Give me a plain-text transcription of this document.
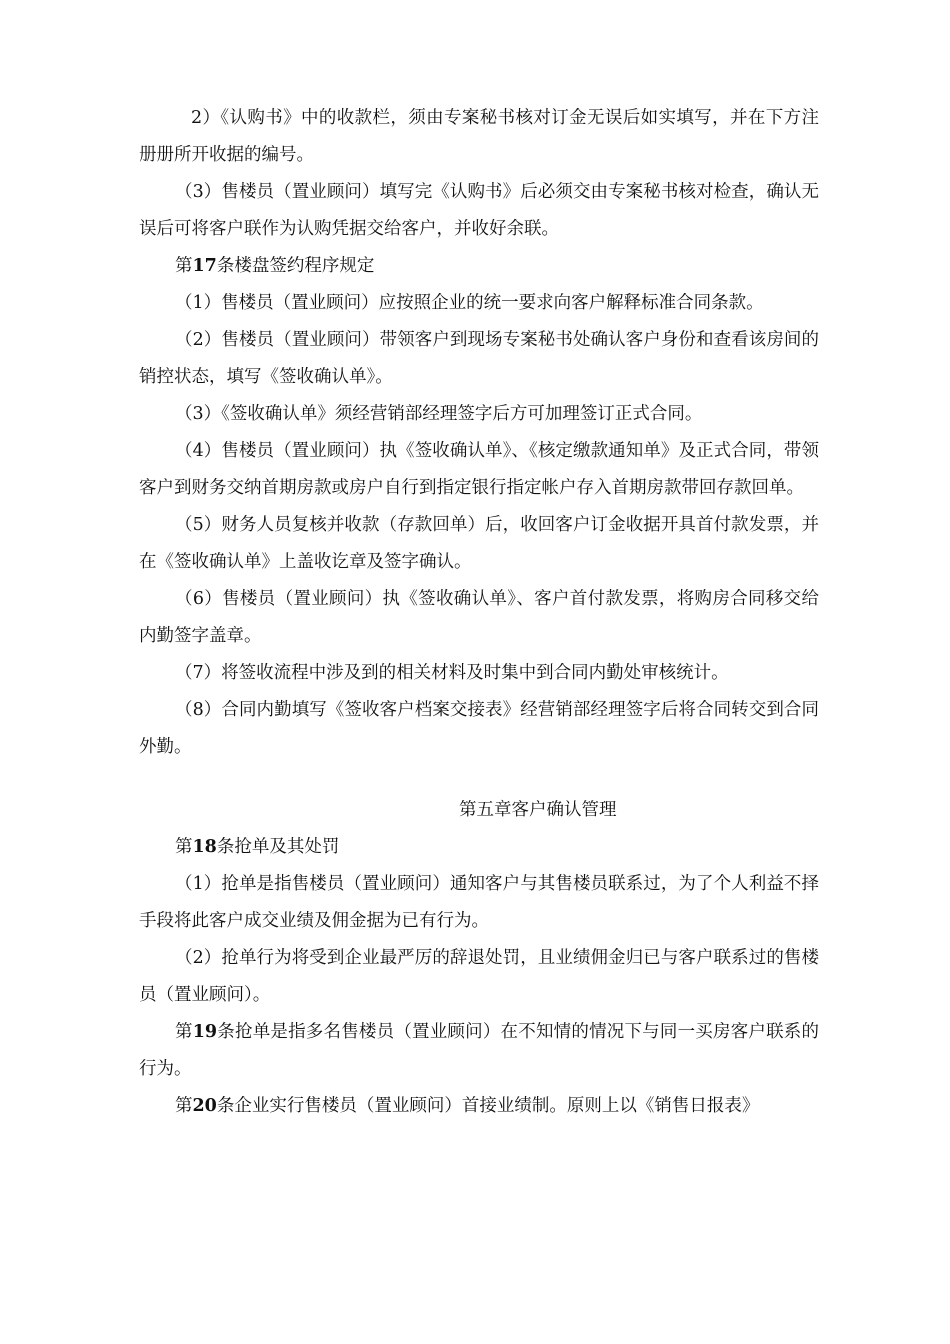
2）《认购书》中的收款栏，须由专案秘书核对订金无误后如实填写，并在下方注册册所开收据的编号。

（3）售楼员（置业顾问）填写完《认购书》后必须交由专案秘书核对检查，确认无误后可将客户联作为认购凭据交给客户，并收好余联。

第17条楼盘签约程序规定

（1）售楼员（置业顾问）应按照企业的统一要求向客户解释标准合同条款。

（2）售楼员（置业顾问）带领客户到现场专案秘书处确认客户身份和查看该房间的销控状态，填写《签收确认单》。

（3）《签收确认单》须经营销部经理签字后方可加理签订正式合同。

（4）售楼员（置业顾问）执《签收确认单》、《核定缴款通知单》及正式合同，带领客户到财务交纳首期房款或房户自行到指定银行指定帐户存入首期房款带回存款回单。

（5）财务人员复核并收款（存款回单）后，收回客户订金收据开具首付款发票，并在《签收确认单》上盖收讫章及签字确认。

（6）售楼员（置业顾问）执《签收确认单》、客户首付款发票，将购房合同移交给内勤签字盖章。

（7）将签收流程中涉及到的相关材料及时集中到合同内勤处审核统计。

（8）合同内勤填写《签收客户档案交接表》经营销部经理签字后将合同转交到合同外勤。

第五章客户确认管理

第18条抢单及其处罚

（1）抢单是指售楼员（置业顾问）通知客户与其售楼员联系过，为了个人利益不择手段将此客户成交业绩及佣金据为已有行为。

（2）抢单行为将受到企业最严厉的辞退处罚，且业绩佣金归已与客户联系过的售楼员（置业顾问）。

第19条抢单是指多名售楼员（置业顾问）在不知情的情况下与同一买房客户联系的行为。

第20条企业实行售楼员（置业顾问）首接业绩制。原则上以《销售日报表》
